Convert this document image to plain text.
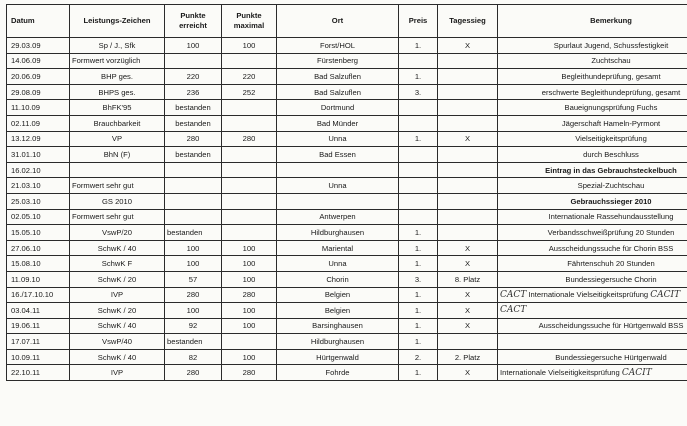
Datum	Leistungs-Zeichen	Punkte erreicht	Punkte maximal	Ort	Preis	Tagessieg	Bemerkung
29.03.09	Sp / J., Sfk	100	100	Forst/HOL	1.	X	Spurlaut Jugend, Schussfestigkeit
14.06.09	Formwert vorzüglich			Fürstenberg			Zuchtschau
20.06.09	BHP ges.	220	220	Bad Salzuflen	1.		Begleithundeprüfung, gesamt
29.08.09	BHPS ges.	236	252	Bad Salzuflen	3.		erschwerte Begleithundeprüfung, gesamt
11.10.09	BhFK'95	bestanden		Dortmund			Baueignungsprüfung Fuchs
02.11.09	Brauchbarkeit	bestanden		Bad Münder			Jägerschaft Hameln-Pyrmont
13.12.09	VP	280	280	Unna	1.	X	Vielseitigkeitsprüfung
31.01.10	BhN (F)	bestanden		Bad Essen			durch Beschluss
16.02.10							Eintrag in das Gebrauchsteckelbuch
21.03.10	Formwert sehr gut			Unna			Spezial-Zuchtschau
25.03.10	GS 2010						Gebrauchssieger 2010
02.05.10	Formwert sehr gut			Antwerpen			Internationale Rassehundausstellung
15.05.10	VswP/20	bestanden		Hildburghausen	1.		Verbandsschweißprüfung 20 Stunden
27.06.10	SchwK / 40	100	100	Mariental	1.	X	Ausscheidungssuche für Chorin BSS
15.08.10	SchwK F	100	100	Unna	1.	X	Fährtenschuh 20 Stunden
11.09.10	SchwK / 20	57	100	Chorin	3.	8. Platz	Bundessiegersuche Chorin
16./17.10.10	IVP	280	280	Belgien	1.	X	CACT Internationale Vielseitigkeitsprüfung CACIT
03.04.11	SchwK / 20	100	100	Belgien	1.	X	CACT
19.06.11	SchwK / 40	92	100	Barsinghausen	1.	X	Ausscheidungssuche für Hürtgenwald BSS
17.07.11	VswP/40	bestanden		Hildburghausen	1.		
10.09.11	SchwK / 40	82	100	Hürtgenwald	2.	2. Platz	Bundessiegersuche Hürtgenwald
22.10.11	IVP	280	280	Fohrde	1.	X	Internationale Vielseitigkeitsprüfung CACIT
